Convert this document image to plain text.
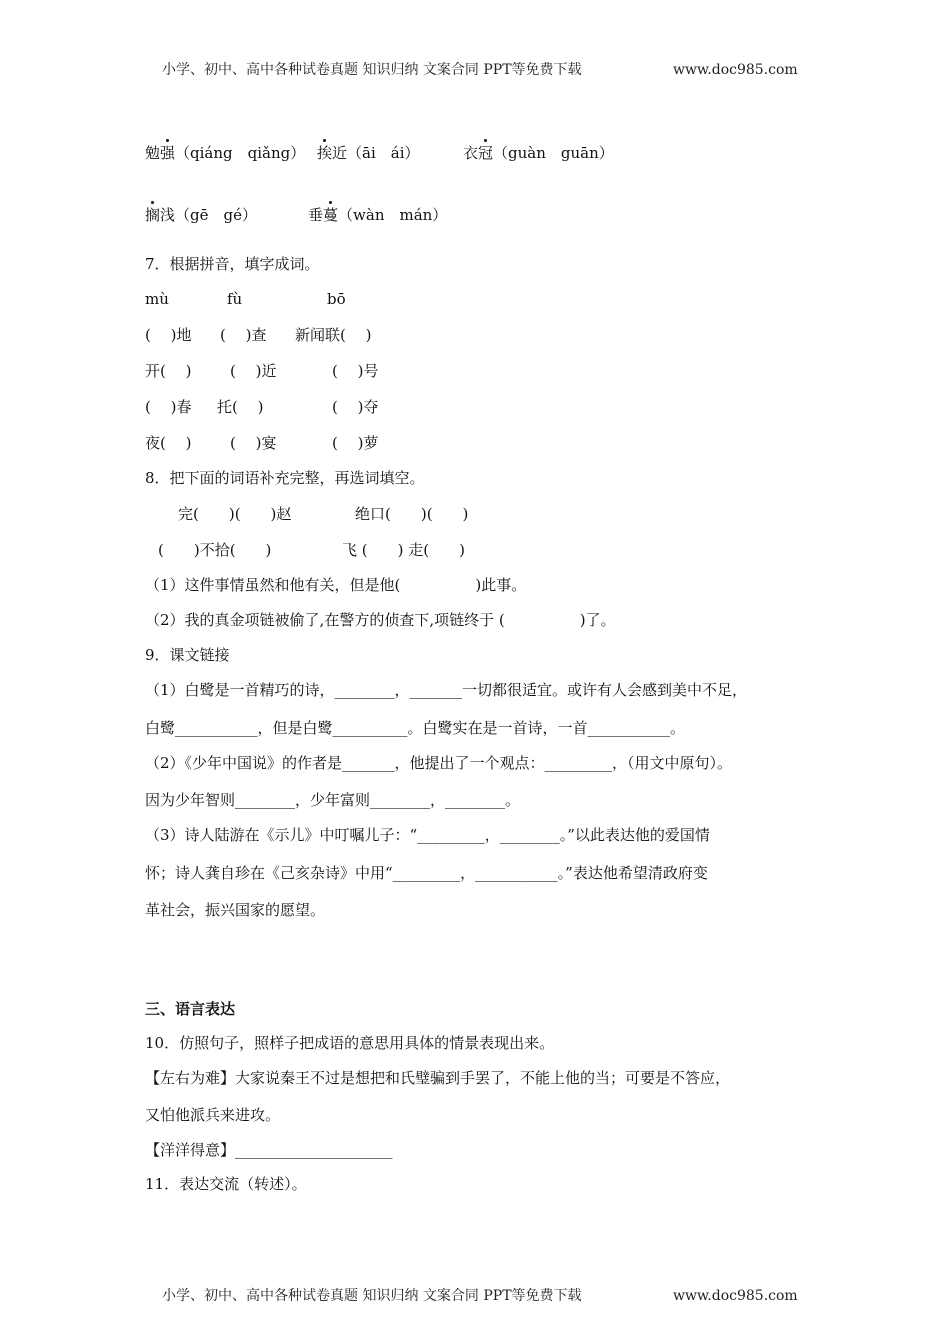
小学、初中、高中各种试卷真题 知识归纳 文案合同 PPT等免费下载	www.doc985.com
勉强（qiáng　qiǎng） 挨近（āi　ái）	衣冠（guàn　guān）
搁浅（gē　gé）	垂蔓（wàn　mán）
7．根据拼音，填字成词。
mù	fù	bō
(　 )地 (　 )查 新闻联(　 )
开(　 )	(　 )近	(　 )号
(　 )春 托(　 )	(　 )夺
夜(　 )	(　 )宴	(　 )萝
8．把下面的词语补充完整，再选词填空。
完(　　)(　　)赵	绝口(　　)(　　)
(　　)不拾(　　)	飞 (　　) 走(　　)
（1）这件事情虽然和他有关，但是他(　　　　　)此事。
（2）我的真金项链被偷了,在警方的侦查下,项链终于 (　　　　　)了。
9．课文链接
（1）白鹭是一首精巧的诗，________，_______一切都很适宜。或许有人会感到美中不足，
白鹭___________，但是白鹭__________。白鹭实在是一首诗，一首___________。
（2）《少年中国说》的作者是_______，他提出了一个观点：_________，（用文中原句）。
因为少年智则________，少年富则________，________。
（3）诗人陆游在《示儿》中叮嘱儿子：“_________，________。”以此表达他的爱国情
怀；诗人龚自珍在《己亥杂诗》中用“_________，___________。”表达他希望清政府变
革社会，振兴国家的愿望。
三、语言表达
10．仿照句子，照样子把成语的意思用具体的情景表现出来。
【左右为难】大家说秦王不过是想把和氏璧骗到手罢了，不能上他的当；可要是不答应，
又怕他派兵来进攻。
【洋洋得意】_____________________
11．表达交流（转述）。
小学、初中、高中各种试卷真题 知识归纳 文案合同 PPT等免费下载	www.doc985.com
